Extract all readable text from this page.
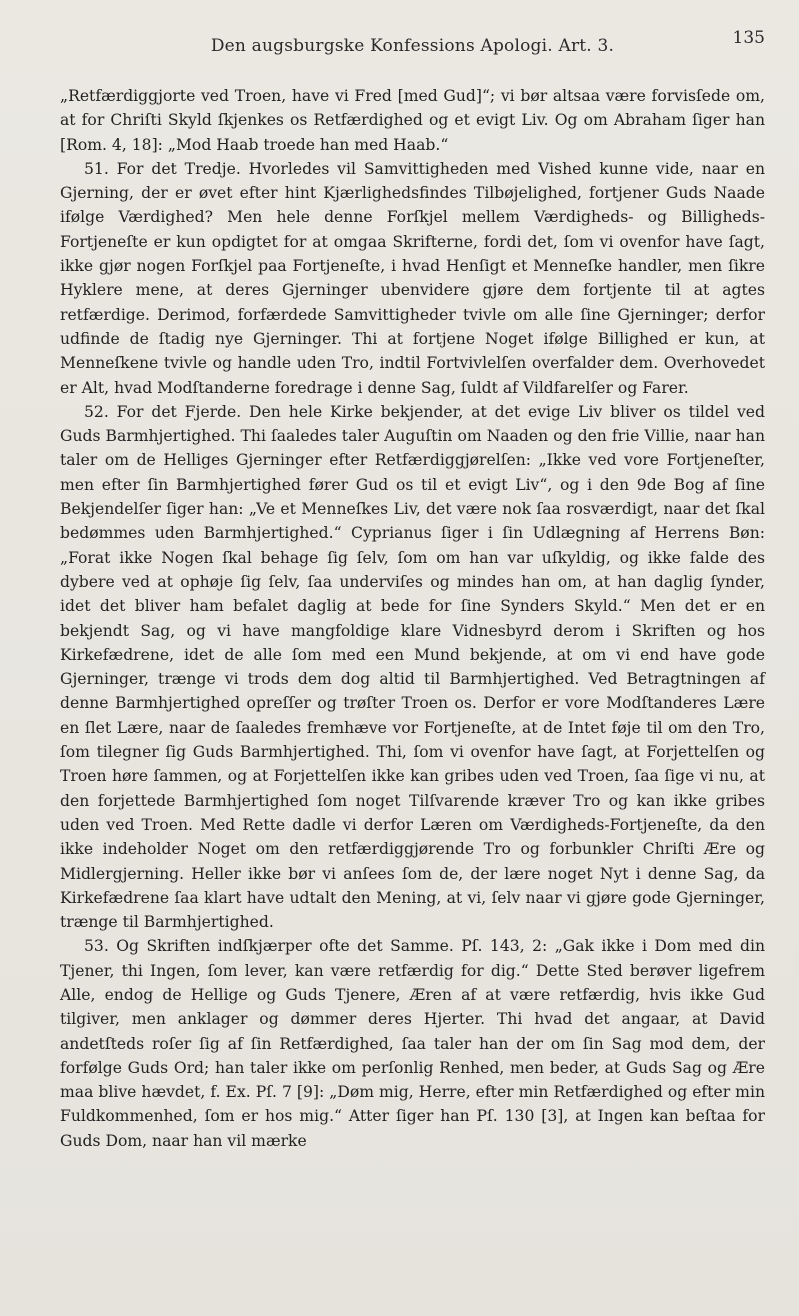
Den augsburgske Konfessions Apologi. Art. 3.	135

„Retfærdiggjorte ved Troen, have vi Fred [med Gud]“; vi bør altsaa være forvisſede om, at for Chriſti Skyld ſkjenkes os Retfærdighed og et evigt Liv. Og om Abraham ſiger han [Rom. 4, 18]: „Mod Haab troede han med Haab.“

51. For det Tredje. Hvorledes vil Samvittigheden med Vished kunne vide, naar en Gjerning, der er øvet efter hint Kjærlighedsfindes Tilbøjelighed, fortjener Guds Naade ifølge Værdighed? Men hele denne Forſkjel mellem Værdigheds- og Billigheds-Fortjeneſte er kun opdigtet for at omgaa Skrifterne, fordi det, ſom vi ovenfor have ſagt, ikke gjør nogen Forſkjel paa Fortjeneſte, i hvad Henſigt et Menneſke handler, men ſikre Hyklere mene, at deres Gjerninger ubenvidere gjøre dem fortjente til at agtes retfærdige. Derimod, forfærdede Samvittigheder tvivle om alle ſine Gjerninger; derfor udfinde de ſtadig nye Gjerninger. Thi at fortjene Noget ifølge Billighed er kun, at Menneſkene tvivle og handle uden Tro, indtil Fortvivlelſen overfalder dem. Overhovedet er Alt, hvad Modſtanderne foredrage i denne Sag, ſuldt af Vildfarelſer og Farer.

52. For det Fjerde. Den hele Kirke bekjender, at det evige Liv bliver os tildel ved Guds Barmhjertighed. Thi ſaaledes taler Auguſtin om Naaden og den frie Villie, naar han taler om de Helliges Gjerninger efter Retfærdiggjørelſen: „Ikke ved vore Fortjeneſter, men efter ſin Barmhjertighed fører Gud os til et evigt Liv“, og i den 9de Bog af ſine Bekjendelſer ſiger han: „Ve et Menneſkes Liv, det være nok ſaa rosværdigt, naar det ſkal bedømmes uden Barmhjertighed.“ Cyprianus ſiger i ſin Udlægning af Herrens Bøn: „Forat ikke Nogen ſkal behage ſig ſelv, ſom om han var uſkyldig, og ikke falde des dybere ved at ophøje ſig ſelv, ſaa underviſes og mindes han om, at han daglig ſynder, idet det bliver ham befalet daglig at bede for ſine Synders Skyld.“ Men det er en bekjendt Sag, og vi have mangfoldige klare Vidnesbyrd derom i Skriften og hos Kirkefædrene, idet de alle ſom med een Mund bekjende, at om vi end have gode Gjerninger, trænge vi trods dem dog altid til Barmhjertighed. Ved Betragtningen af denne Barmhjertighed opreſſer og trøſter Troen os. Derfor er vore Modſtanderes Lære en ſlet Lære, naar de ſaaledes fremhæve vor Fortjeneſte, at de Intet føje til om den Tro, ſom tilegner ſig Guds Barmhjertighed. Thi, ſom vi ovenfor have ſagt, at Forjettelſen og Troen høre ſammen, og at Forjettelſen ikke kan gribes uden ved Troen, ſaa ſige vi nu, at den forjettede Barmhjertighed ſom noget Tilſvarende kræver Tro og kan ikke gribes uden ved Troen. Med Rette dadle vi derfor Læren om Værdigheds-Fortjeneſte, da den ikke indeholder Noget om den retfærdiggjørende Tro og forbunkler Chriſti Ære og Midlergjerning. Heller ikke bør vi anſees ſom de, der lære noget Nyt i denne Sag, da Kirkefædrene ſaa klart have udtalt den Mening, at vi, ſelv naar vi gjøre gode Gjerninger, trænge til Barmhjertighed.

53. Og Skriften indſkjærper ofte det Samme. Pſ. 143, 2: „Gak ikke i Dom med din Tjener, thi Ingen, ſom lever, kan være retfærdig for dig.“ Dette Sted berøver ligefrem Alle, endog de Hellige og Guds Tjenere, Æren af at være retfærdig, hvis ikke Gud tilgiver, men anklager og dømmer deres Hjerter. Thi hvad det angaar, at David andetſteds roſer ſig af ſin Retfærdighed, ſaa taler han der om ſin Sag mod dem, der forfølge Guds Ord; han taler ikke om perſonlig Renhed, men beder, at Guds Sag og Ære maa blive hævdet, f. Ex. Pſ. 7 [9]: „Døm mig, Herre, efter min Retfærdighed og efter min Fuldkommenhed, ſom er hos mig.“ Atter ſiger han Pſ. 130 [3], at Ingen kan beſtaa for Guds Dom, naar han vil mærke
